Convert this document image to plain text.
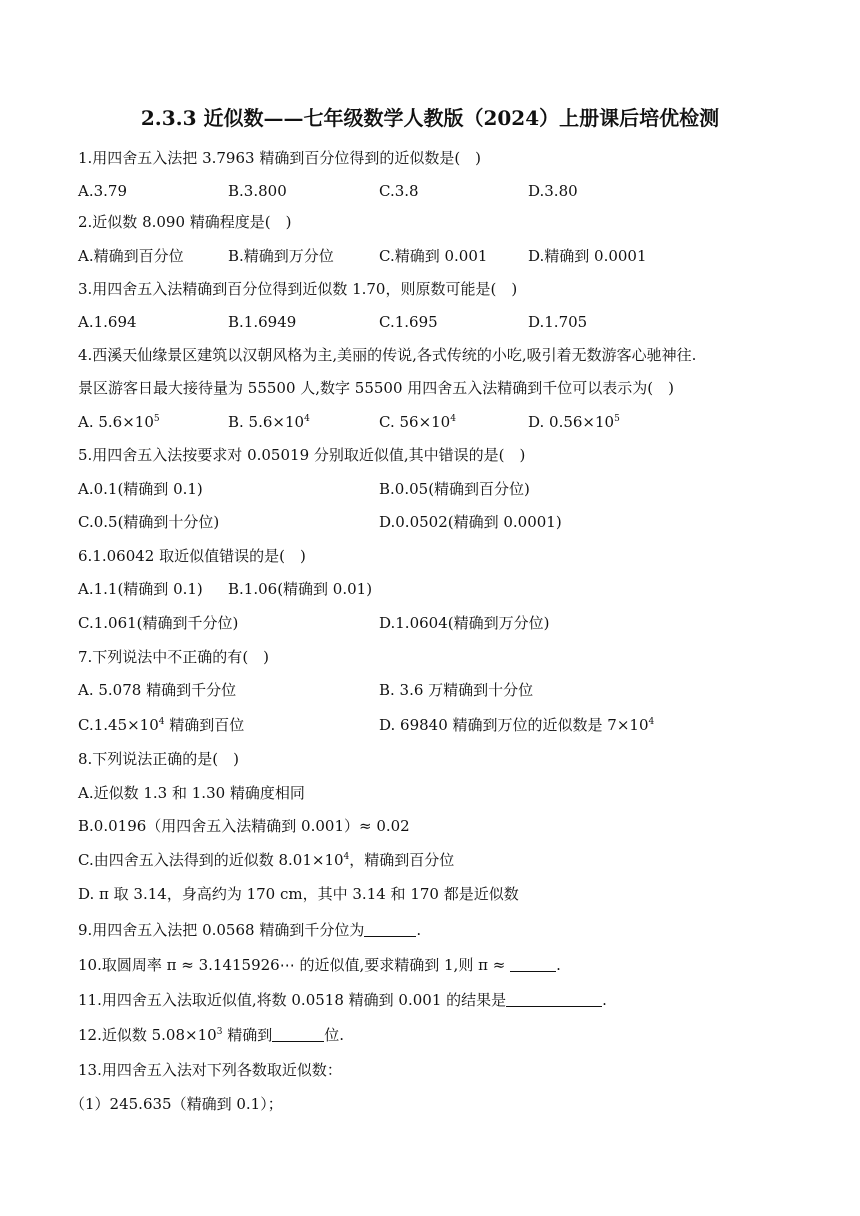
2.3.3 近似数——七年级数学人教版（2024）上册课后培优检测
1.用四舍五入法把 3.7963 精确到百分位得到的近似数是( )
A.3.79	B.3.800	C.3.8	D.3.80
2.近似数 8.090 精确程度是( )
A.精确到百分位	B.精确到万分位	C.精确到 0.001	D.精确到 0.0001
3.用四舍五入法精确到百分位得到近似数 1.70，则原数可能是( )
A.1.694	B.1.6949	C.1.695	D.1.705
4.西溪天仙缘景区建筑以汉朝风格为主,美丽的传说,各式传统的小吃,吸引着无数游客心驰神往.
景区游客日最大接待量为 55500 人,数字 55500 用四舍五入法精确到千位可以表示为( )
A. $5.6\times 10^5$	B. $5.6\times 10^4$	C. $56\times 10^4$	D. $0.56\times 10^5$
5.用四舍五入法按要求对 0.05019 分别取近似值,其中错误的是( )
A.0.1(精确到 0.1)	B.0.05(精确到百分位)
C.0.5(精确到十分位)	D.0.0502(精确到 0.0001)
6.1.06042 取近似值错误的是( )
A.1.1(精确到 0.1) B.1.06(精确到 0.01)
C.1.061(精确到千分位)	D.1.0604(精确到万分位)
7.下列说法中不正确的有( )
A. 5.078 精确到千分位	B. 3.6 万精确到十分位
$C.1.45\times 10^4$ 精确到百位	D. 69840 精确到万位的近似数是 $7\times 10^4$
8.下列说法正确的是( )
A.近似数 1.3 和 1.30 精确度相同
B.0.0196（用四舍五入法精确到 0.001）≈ 0.02
C.由四舍五入法得到的近似数 $8.01\times 10^4$，精确到百分位
D. π 取 3.14，身高约为 170 cm，其中 3.14 和 170 都是近似数
9.用四舍五入法把 0.0568 精确到千分位为	.
10.取圆周率 π ≈ 3.1415926⋯ 的近似值,要求精确到 1,则 π ≈	.
11.用四舍五入法取近似值,将数 0.0518 精确到 0.001 的结果是	.
12.近似数 $5.08\times 10^3$ 精确到	位.
13.用四舍五入法对下列各数取近似数：
（1）245.635（精确到 0.1）；
